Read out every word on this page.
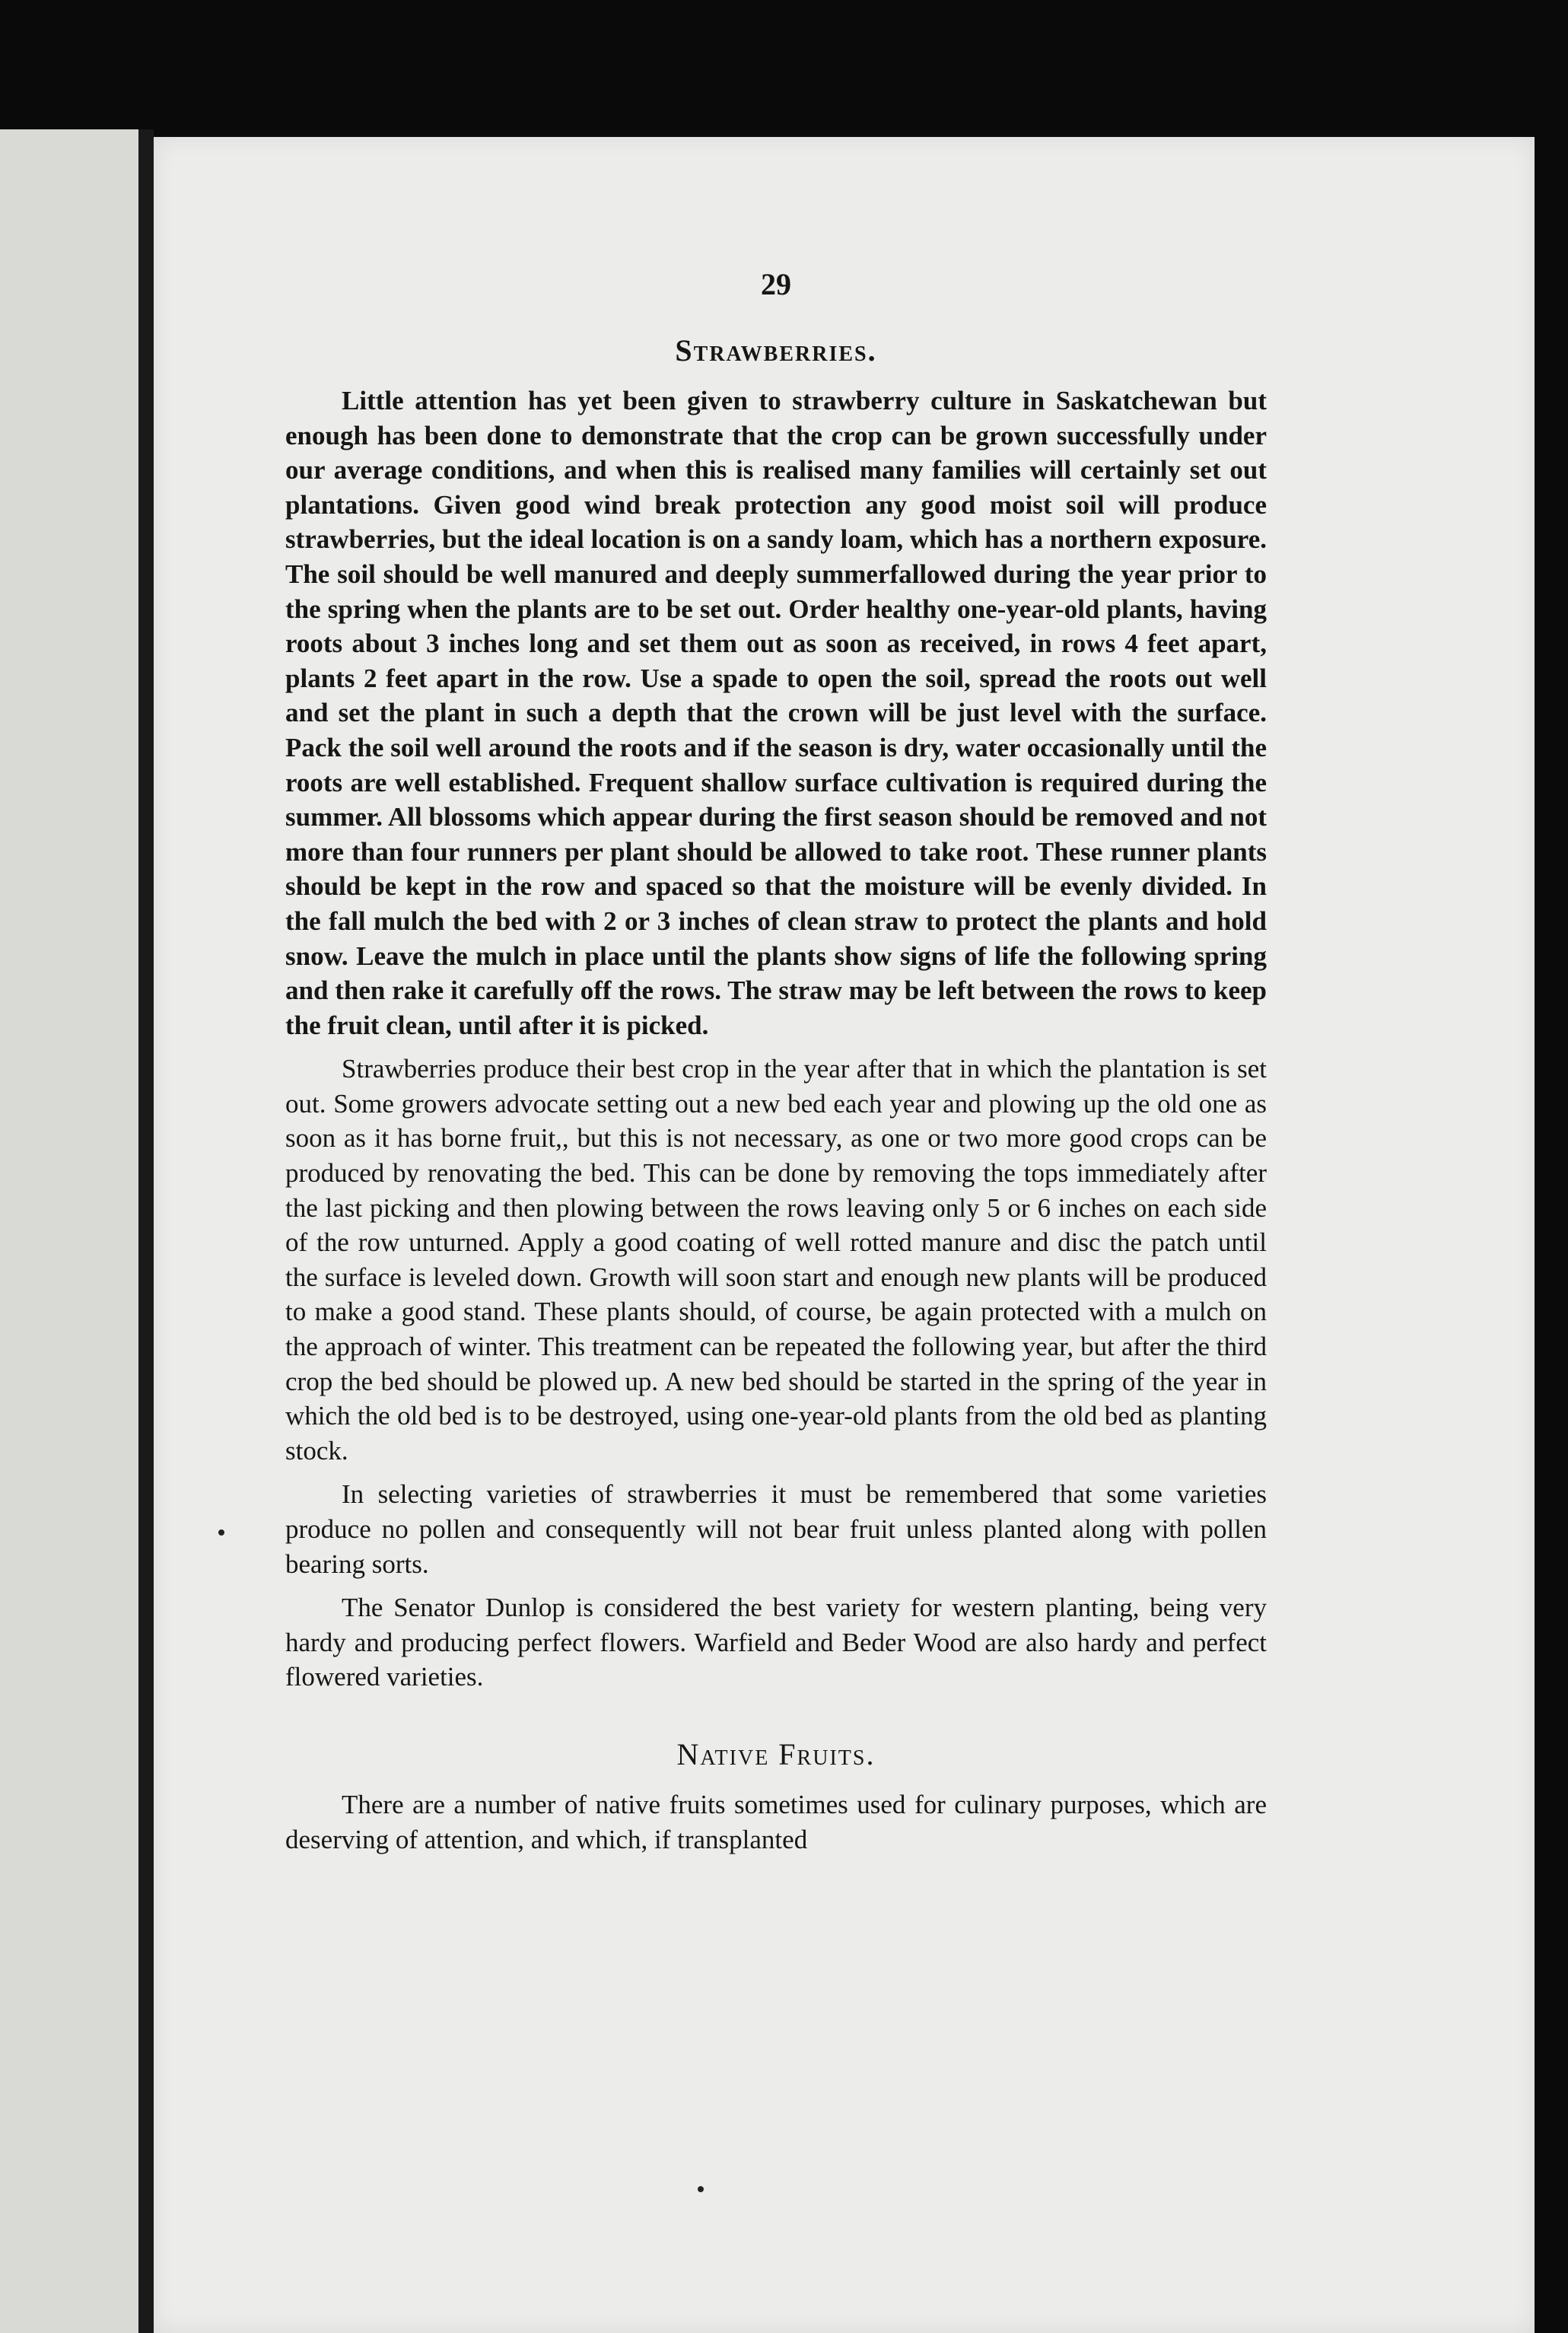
29
Strawberries.

Little attention has yet been given to strawberry culture in Saskatchewan but enough has been done to demonstrate that the crop can be grown successfully under our average conditions, and when this is realised many families will certainly set out plantations. Given good wind break protection any good moist soil will produce strawberries, but the ideal location is on a sandy loam, which has a northern exposure. The soil should be well manured and deeply summerfallowed during the year prior to the spring when the plants are to be set out. Order healthy one-year-old plants, having roots about 3 inches long and set them out as soon as received, in rows 4 feet apart, plants 2 feet apart in the row. Use a spade to open the soil, spread the roots out well and set the plant in such a depth that the crown will be just level with the surface. Pack the soil well around the roots and if the season is dry, water occasionally until the roots are well established. Frequent shallow surface cultivation is required during the summer. All blossoms which appear during the first season should be removed and not more than four runners per plant should be allowed to take root. These runner plants should be kept in the row and spaced so that the moisture will be evenly divided. In the fall mulch the bed with 2 or 3 inches of clean straw to protect the plants and hold snow. Leave the mulch in place until the plants show signs of life the following spring and then rake it carefully off the rows. The straw may be left between the rows to keep the fruit clean, until after it is picked.

Strawberries produce their best crop in the year after that in which the plantation is set out. Some growers advocate setting out a new bed each year and plowing up the old one as soon as it has borne fruit,, but this is not necessary, as one or two more good crops can be produced by renovating the bed. This can be done by removing the tops immediately after the last picking and then plowing between the rows leaving only 5 or 6 inches on each side of the row unturned. Apply a good coating of well rotted manure and disc the patch until the surface is leveled down. Growth will soon start and enough new plants will be produced to make a good stand. These plants should, of course, be again protected with a mulch on the approach of winter. This treatment can be repeated the following year, but after the third crop the bed should be plowed up. A new bed should be started in the spring of the year in which the old bed is to be destroyed, using one-year-old plants from the old bed as planting stock.

In selecting varieties of strawberries it must be remembered that some varieties produce no pollen and consequently will not bear fruit unless planted along with pollen bearing sorts.

The Senator Dunlop is considered the best variety for western planting, being very hardy and producing perfect flowers. Warfield and Beder Wood are also hardy and perfect flowered varieties.

Native Fruits.

There are a number of native fruits sometimes used for culinary purposes, which are deserving of attention, and which, if transplanted
